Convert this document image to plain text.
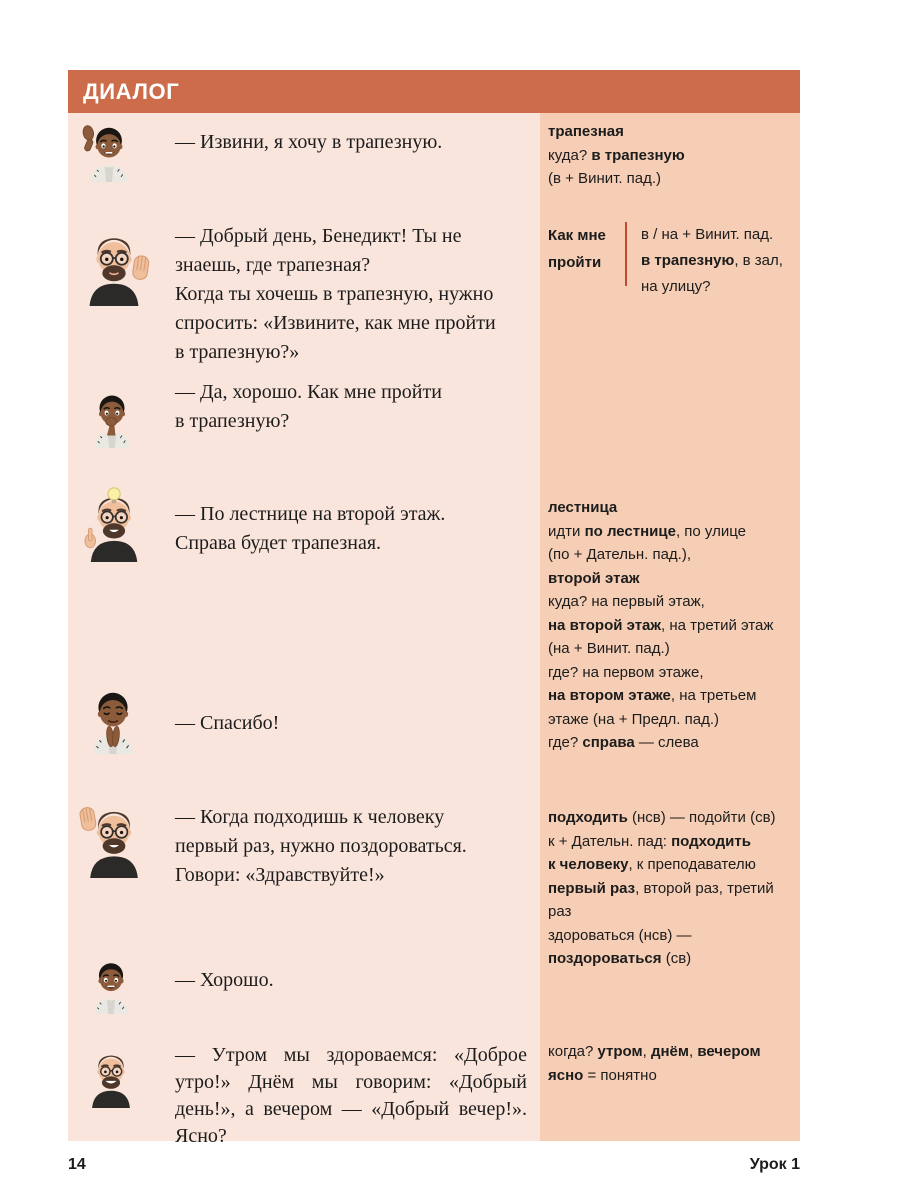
ДИАЛОГ
— Извини, я хочу в трапезную.	трапезная
куда? в трапезную
(в + Винит. пад.)
— Добрый день, Бенедикт! Ты не
знаешь, где трапезная?
Когда ты хочешь в трапезную, нужно
спросить: «Извините, как мне пройти
в трапезную?»
Как мне
пройти
в / на + Винит. пад.
в трапезную, в зал,
на улицу?
— Да, хорошо. Как мне пройти
в трапезную?
— По лестнице на второй этаж.
Справа будет трапезная.
лестница
идти по лестнице, по улице
(по + Дательн. пад.),
второй этаж
куда? на первый этаж,
на второй этаж, на третий этаж
(на + Винит. пад.)
где? на первом этаже,
на втором этаже, на третьем
этаже (на + Предл. пад.)
где? справа — слева
— Спасибо!
— Когда подходишь к человеку
первый раз, нужно поздороваться.
Говори: «Здравствуйте!»
подходить (нсв) — подойти (св)
к + Дательн. пад: подходить
к человеку, к преподавателю
первый раз, второй раз, третий
раз
здороваться (нсв) —
поздороваться (св)
— Хорошо.
— Утром мы здороваемся: «Доброе
утро!» Днём мы говорим: «Добрый
день!», а вечером — «Добрый вечер!».
Ясно?
когда? утром, днём, вечером
ясно = понятно
14	Урок 1
